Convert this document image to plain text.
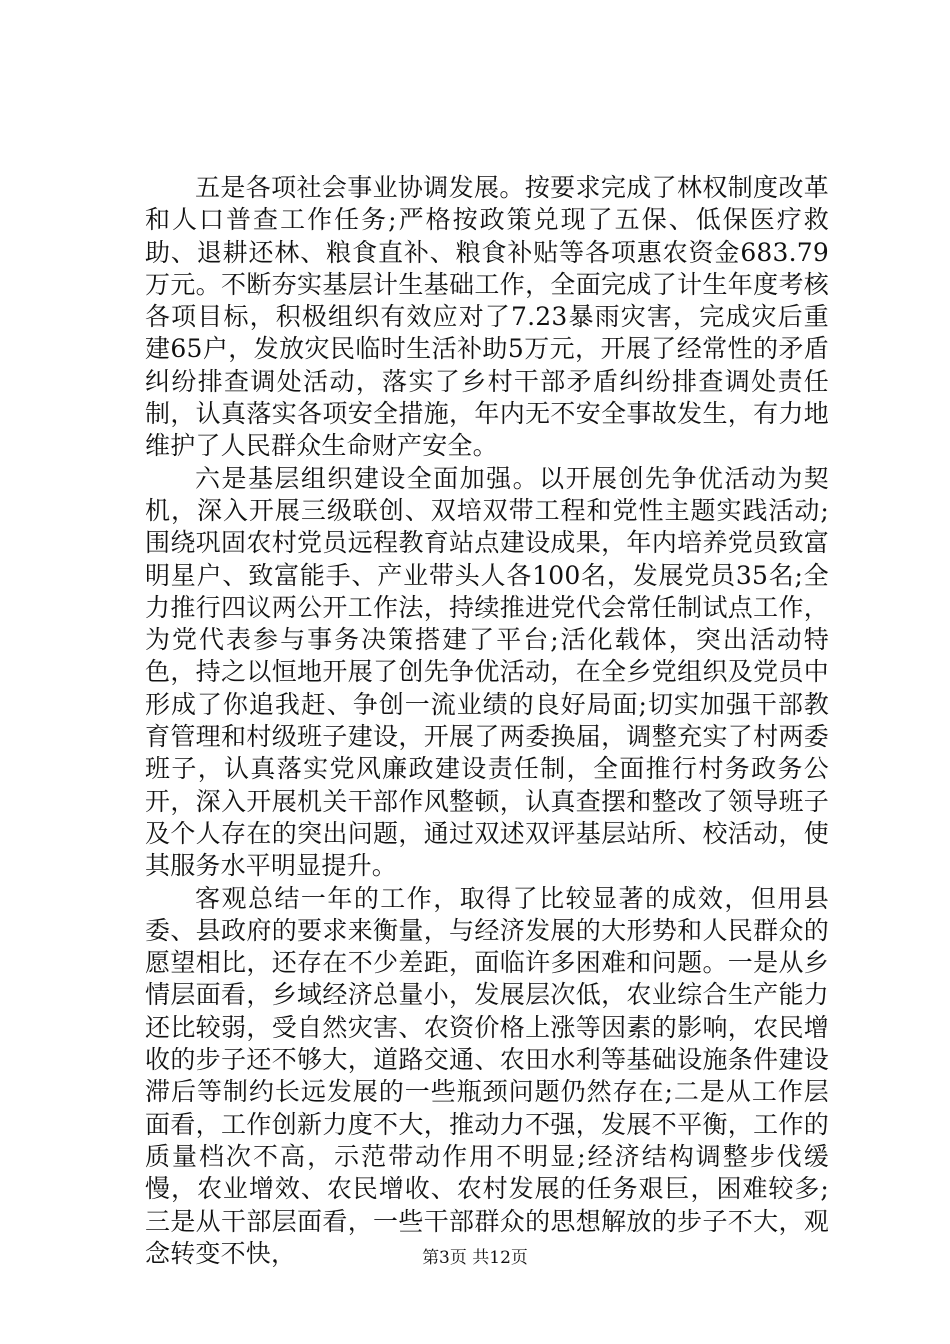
五是各项社会事业协调发展。按要求完成了林权制度改革和人口普查工作任务;严格按政策兑现了五保、低保医疗救助、退耕还林、粮食直补、粮食补贴等各项惠农资金683.79万元。不断夯实基层计生基础工作，全面完成了计生年度考核各项目标，积极组织有效应对了7.23暴雨灾害，完成灾后重建65户，发放灾民临时生活补助5万元，开展了经常性的矛盾纠纷排查调处活动，落实了乡村干部矛盾纠纷排查调处责任制，认真落实各项安全措施，年内无不安全事故发生，有力地维护了人民群众生命财产安全。

六是基层组织建设全面加强。以开展创先争优活动为契机，深入开展三级联创、双培双带工程和党性主题实践活动;围绕巩固农村党员远程教育站点建设成果，年内培养党员致富明星户、致富能手、产业带头人各100名，发展党员35名;全力推行四议两公开工作法，持续推进党代会常任制试点工作，为党代表参与事务决策搭建了平台;活化载体，突出活动特色，持之以恒地开展了创先争优活动，在全乡党组织及党员中形成了你追我赶、争创一流业绩的良好局面;切实加强干部教育管理和村级班子建设，开展了两委换届，调整充实了村两委班子，认真落实党风廉政建设责任制，全面推行村务政务公开，深入开展机关干部作风整顿，认真查摆和整改了领导班子及个人存在的突出问题，通过双述双评基层站所、校活动，使其服务水平明显提升。

客观总结一年的工作，取得了比较显著的成效，但用县委、县政府的要求来衡量，与经济发展的大形势和人民群众的愿望相比，还存在不少差距，面临许多困难和问题。一是从乡情层面看，乡域经济总量小，发展层次低，农业综合生产能力还比较弱，受自然灾害、农资价格上涨等因素的影响，农民增收的步子还不够大，道路交通、农田水利等基础设施条件建设滞后等制约长远发展的一些瓶颈问题仍然存在;二是从工作层面看，工作创新力度不大，推动力不强，发展不平衡，工作的质量档次不高，示范带动作用不明显;经济结构调整步伐缓慢，农业增效、农民增收、农村发展的任务艰巨，困难较多;三是从干部层面看，一些干部群众的思想解放的步子不大，观念转变不快，	第3页 共12页
